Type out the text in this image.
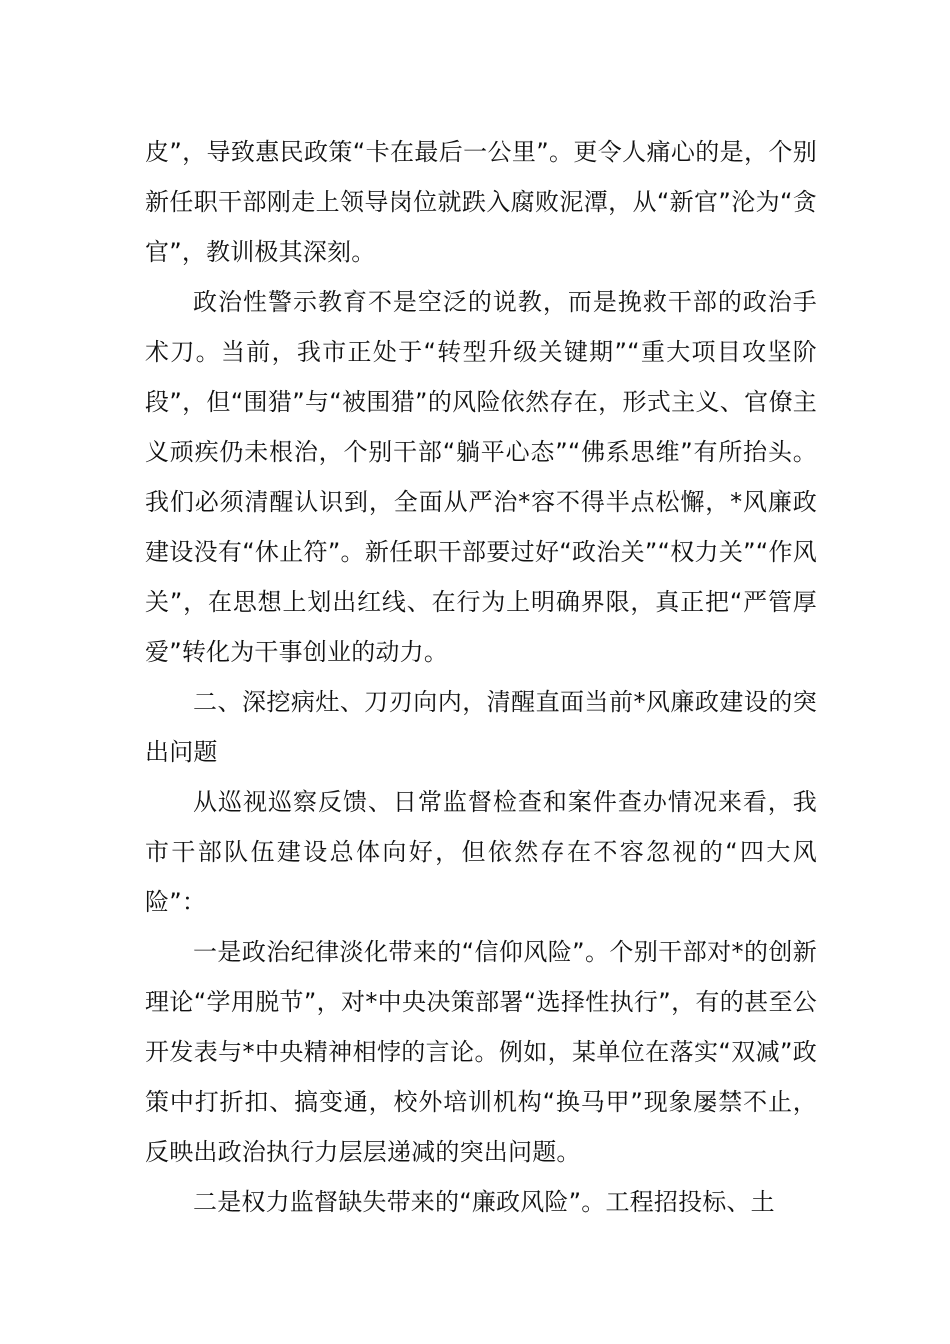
皮”，导致惠民政策“卡在最后一公里”。更令人痛心的是，个别新任职干部刚走上领导岗位就跌入腐败泥潭，从“新官”沦为“贪官”，教训极其深刻。

政治性警示教育不是空泛的说教，而是挽救干部的政治手术刀。当前，我市正处于“转型升级关键期”“重大项目攻坚阶段”，但“围猎”与“被围猎”的风险依然存在，形式主义、官僚主义顽疾仍未根治，个别干部“躺平心态”“佛系思维”有所抬头。我们必须清醒认识到，全面从严治*容不得半点松懈，*风廉政建设没有“休止符”。新任职干部要过好“政治关”“权力关”“作风关”，在思想上划出红线、在行为上明确界限，真正把“严管厚爱”转化为干事创业的动力。

二、深挖病灶、刀刃向内，清醒直面当前*风廉政建设的突出问题

从巡视巡察反馈、日常监督检查和案件查办情况来看，我市干部队伍建设总体向好，但依然存在不容忽视的“四大风险”：

一是政治纪律淡化带来的“信仰风险”。个别干部对*的创新理论“学用脱节”，对*中央决策部署“选择性执行”，有的甚至公开发表与*中央精神相悖的言论。例如，某单位在落实“双减”政策中打折扣、搞变通，校外培训机构“换马甲”现象屡禁不止，反映出政治执行力层层递减的突出问题。

二是权力监督缺失带来的“廉政风险”。工程招投标、土
